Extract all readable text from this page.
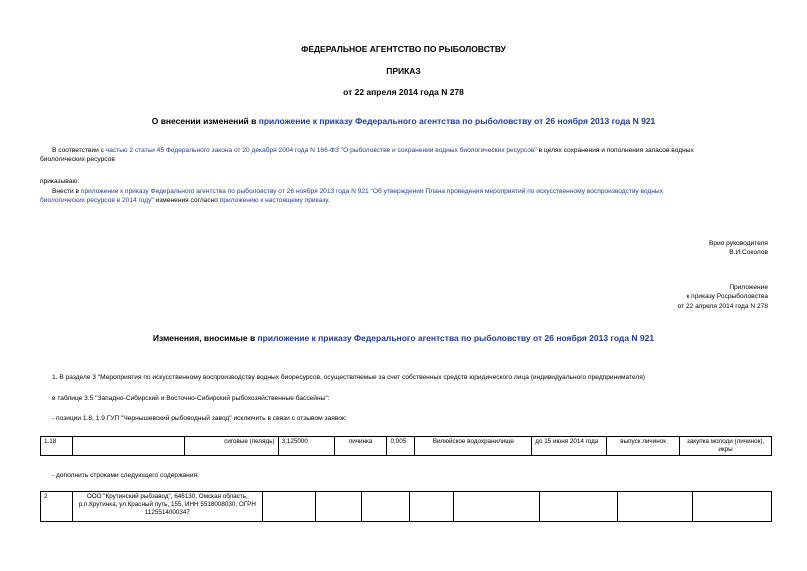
ФЕДЕРАЛЬНОЕ АГЕНТСТВО ПО РЫБОЛОВСТВУ
ПРИКАЗ
от 22 апреля 2014 года N 278
О внесении изменений в приложение к приказу Федерального агентства по рыболовству от 26 ноября 2013 года N 921
В соответствии с частью 2 статьи 45 Федерального закона от 20 декабря 2004 года N 166-ФЗ "О рыболовстве и сохранении водных биологических ресурсов" в целях сохранения и пополнения запасов водных
биологических ресурсов
приказываю:
Внести в приложение к приказу Федерального агентства по рыболовству от 26 ноября 2013 года N 921 "Об утверждении Плана проведения мероприятий по искусственному воспроизводству водных
биологических ресурсов в 2014 году" изменения согласно приложению к настоящему приказу.
Врио руководителя
В.И.Соколов
Приложение
к приказу Росрыболовства
от 22 апреля 2014 года N 278
Изменения, вносимые в приложение к приказу Федерального агентства по рыболовству от 26 ноября 2013 года N 921
1. В разделе 3 "Мероприятия по искусственному воспроизводству водных биоресурсов, осуществляемые за счет собственных средств юридического лица (индивидуального предпринимателя)
в таблице 3.5 "Западно-Сибирский и Восточно-Сибирский рыбохозяйственные бассейны":
- позиции 1.8, 1.9 ГУП "Чернышевский рыбоводный завод" исключить в связи с отзывом заявок;
1.18		сиговые (пелядь)	3,125000	личинка	0,005	Вилюйское водохранилище	до 15 июня 2014 года	выпуск личинок	закупка молоди (личинок), икры
- дополнить строками следующего содержания:
2	ООО "Крутинский рыбзавод", 646130, Омская область, р.п.Крутинка, ул.Красный путь, 155, ИНН 5518008030, ОГРН 1125514000347								
